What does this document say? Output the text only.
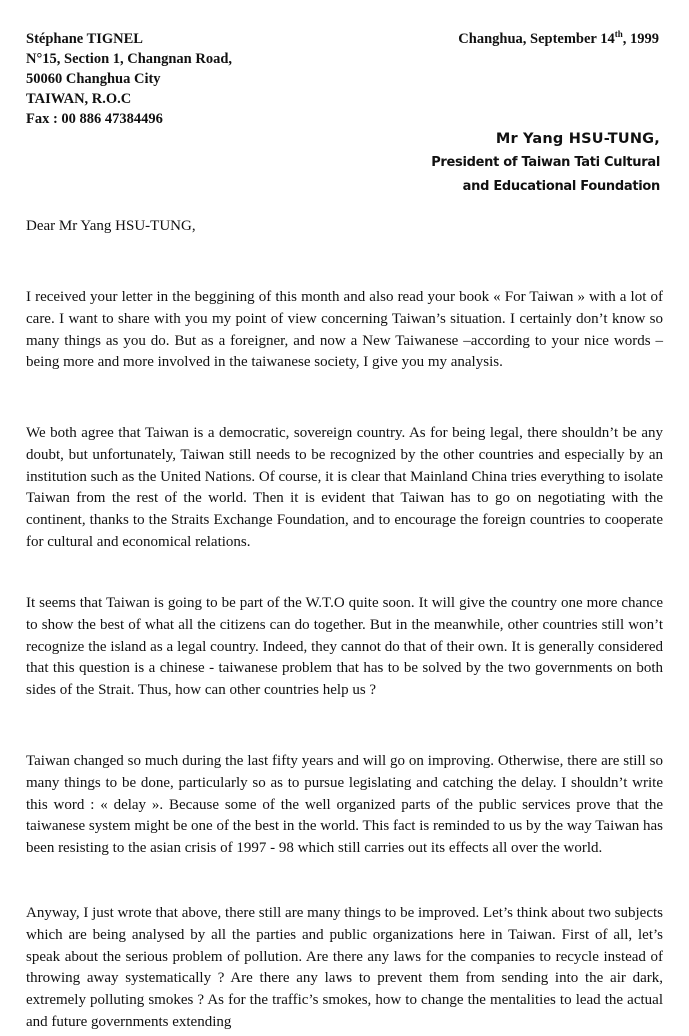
Stéphane TIGNEL
N°15, Section 1, Changnan Road,
50060 Changhua City
TAIWAN, R.O.C
Fax : 00 886 47384496
Changhua, September 14th, 1999
Mr Yang HSU-TUNG,
President of Taiwan Tati Cultural
and Educational Foundation
Dear Mr Yang HSU-TUNG,

I received your letter in the beggining of this month and also read your book « For Taiwan » with a lot of care. I want to share with you my point of view concerning Taiwan’s situation. I certainly don’t know so many things as you do. But as a foreigner, and now a New Taiwanese –according to your nice words – being more and more involved in the taiwanese society, I give you my analysis.

We both agree that Taiwan is a democratic, sovereign country. As for being legal, there shouldn’t be any doubt, but unfortunately, Taiwan still needs to be recognized by the other countries and especially by an institution such as the United Nations. Of course, it is clear that Mainland China tries everything to isolate Taiwan from the rest of the world. Then it is evident that Taiwan has to go on negotiating with the continent, thanks to the Straits Exchange Foundation, and to encourage the foreign countries to cooperate for cultural and economical relations.

It seems that Taiwan is going to be part of the W.T.O quite soon. It will give the country one more chance to show the best of what all the citizens can do together. But in the meanwhile, other countries still won’t recognize the island as a legal country. Indeed, they cannot do that of their own. It is generally considered that this question is a chinese - taiwanese problem that has to be solved by the two governments on both sides of the Strait. Thus, how can other countries help us ?

Taiwan changed so much during the last fifty years and will go on improving. Otherwise, there are still so many things to be done, particularly so as to pursue legislating and catching the delay. I shouldn’t write this word : « delay ». Because some of the well organized parts of the public services prove that the taiwanese system might be one of the best in the world. This fact is reminded to us by the way Taiwan has been resisting to the asian crisis of 1997 - 98 which still carries out its effects all over the world.

Anyway, I just wrote that above, there still are many things to be improved. Let’s think about two subjects which are being analysed by all the parties and public organizations here in Taiwan. First of all, let’s speak about the serious problem of pollution. Are there any laws for the companies to recycle instead of throwing away systematically ? Are there any laws to prevent them from sending into the air dark, extremely polluting smokes ? As for the traffic’s smokes, how to change the mentalities to lead the actual and future governments extending
